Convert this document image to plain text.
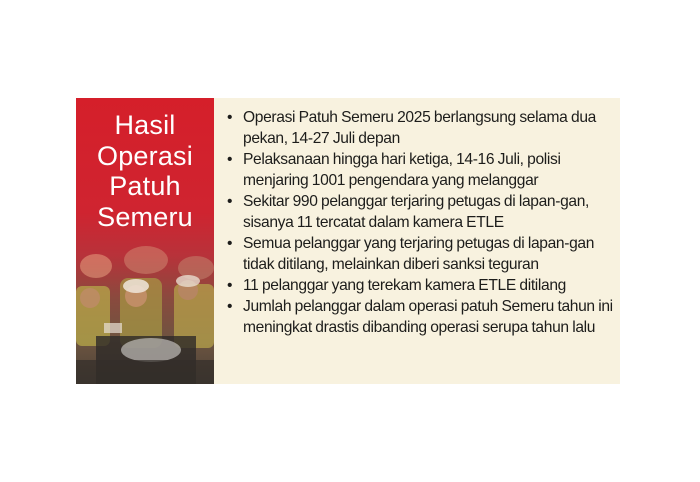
Hasil
Operasi
Patuh
Semeru
• Operasi Patuh Semeru 2025 berlangsung selama dua pekan, 14-27 Juli depan
• Pelaksanaan hingga hari ketiga, 14-16 Juli, polisi menjaring 1001 pengendara yang melanggar
• Sekitar 990 pelanggar terjaring petugas di lapan-gan, sisanya 11 tercatat dalam kamera ETLE
• Semua pelanggar yang terjaring petugas di lapan-gan tidak ditilang, melainkan diberi sanksi teguran
• 11 pelanggar yang terekam kamera ETLE ditilang
• Jumlah pelanggar dalam operasi patuh Semeru tahun ini meningkat drastis dibanding operasi serupa tahun lalu
